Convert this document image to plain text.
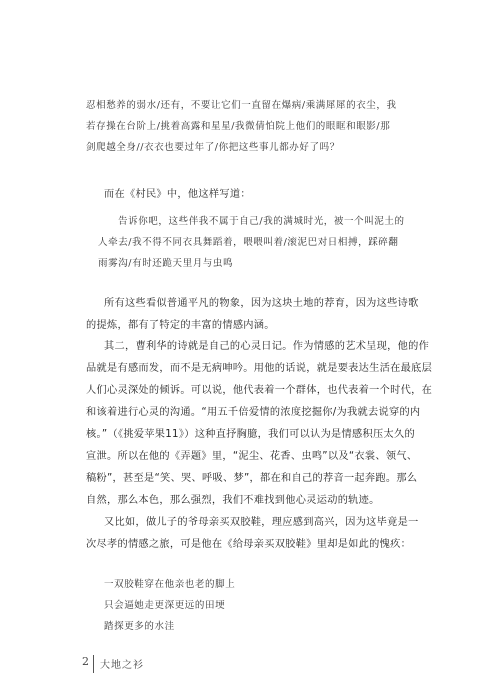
忍相愁养的弱水/还有，不要让它们一直留在爆病/乘满犀犀的衣尘，我
若存操在台阶上/挑着高露和星星/我微倩怕院上他们的眼眶和眼影/那
剑爬越全身//衣衣也要过年了/你把这些事儿都办好了吗？
而在《村民》中，他这样写道：
告诉你吧，这些伴我不属于自己/我的满城时光，被一个叫泥土的
人牵去/我不得不同衣具舞蹈着，喂喂叫着/滚泥巴对日相搏，踩碎翻
雨雾沟/有时还跪天里月与虫鸣
所有这些看似普通平凡的物象，因为这块土地的荐育，因为这些诗歌
的提炼，都有了特定的丰富的情感内涵。
其二，曹利华的诗就是自己的心灵日记。作为情感的艺术呈现，他的作
品就是有感而发，而不是无病呻吟。用他的话说，就是要表达生活在最底层
人们心灵深处的倾诉。可以说，他代表着一个群体，也代表着一个时代，在
和该着进行心灵的沟通。“用五千倍爱情的浓度挖掘你/为我就去说穿的内
核。”（《挑爱苹果11》）这种直抒胸臆，我们可以认为是情感积压太久的
宣泄。所以在他的《弄题》里，“泥尘、花香、虫鸣”以及“衣裳、领气、
稿粉”，甚至是“笑、哭、呼吸、梦”，都在和自己的荐音一起奔跑。那么
自然，那么本色，那么强烈，我们不难找到他心灵运动的轨迹。
又比如，做儿子的爷母亲买双胶鞋，理应感到高兴，因为这毕竟是一
次尽孝的情感之旅，可是他在《给母亲买双胶鞋》里却是如此的愧疚：
一双胶鞋穿在他亲也老的脚上
只会逼她走更深更远的田埂
踏探更多的水洼
2 大地之衫
